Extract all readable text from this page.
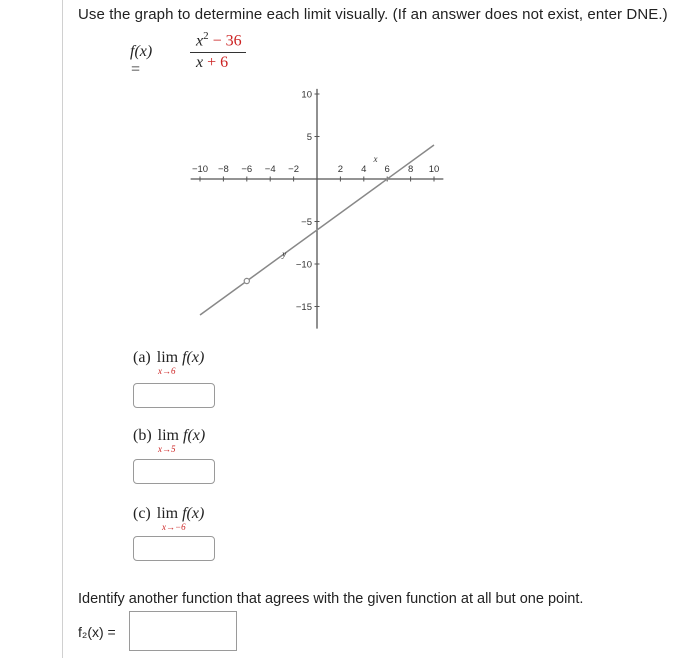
Use the graph to determine each limit visually. (If an answer does not exist, enter DNE.)
f(x) =
$x^2 - 36$
x + 6
−10 −8 −6 −4 −2	2 4 6 8 10
10
5
−5
−10
−15
x
y
(a) lim f(x)
x→6
(b) lim f(x)
x→5
(c) lim f(x)
x→−6
Identify another function that agrees with the given function at all but one point.
f₂(x) =
